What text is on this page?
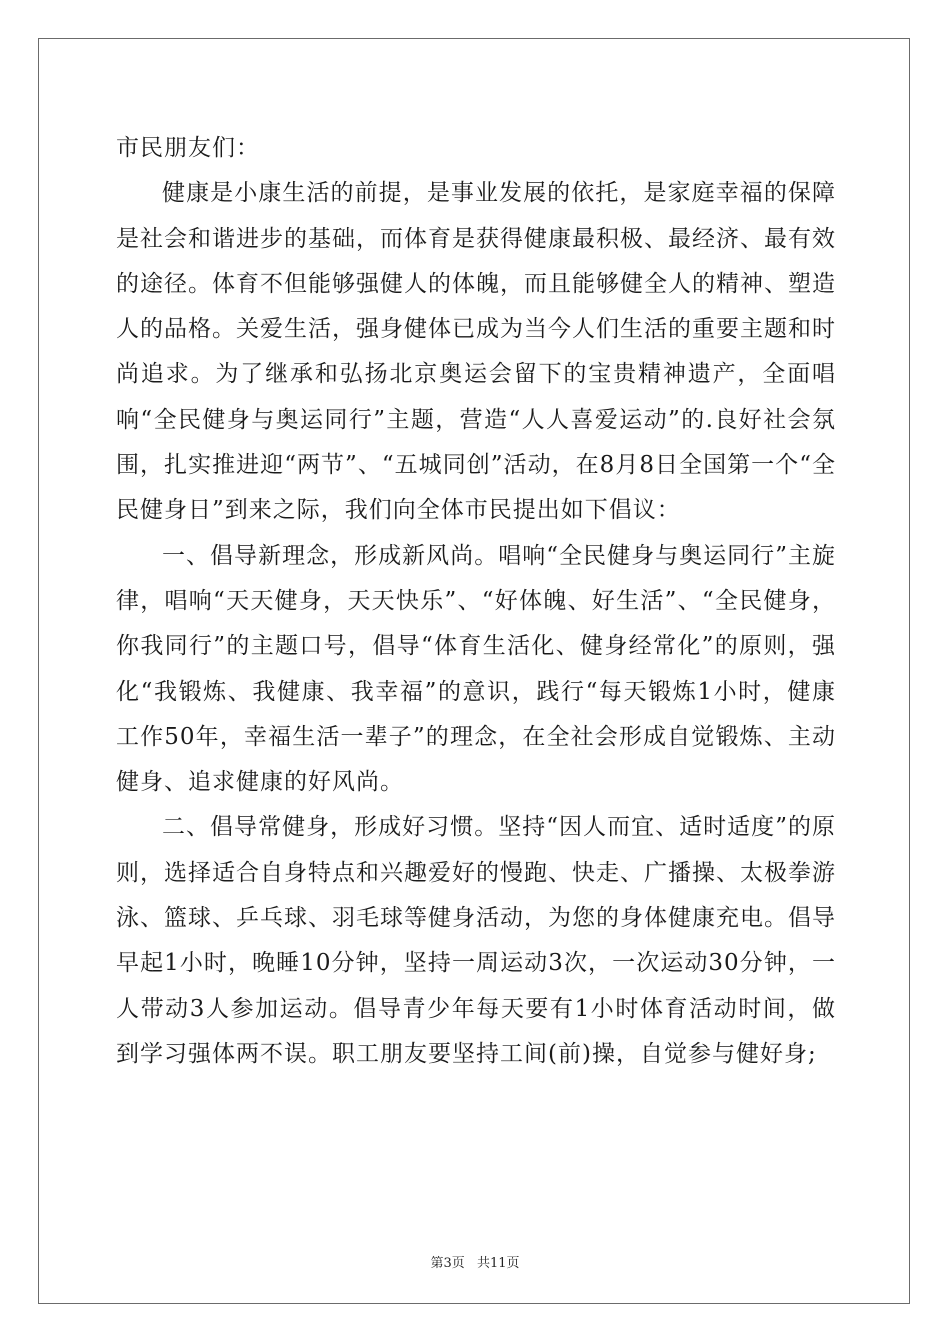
市民朋友们：

健康是小康生活的前提，是事业发展的依托，是家庭幸福的保障是社会和谐进步的基础，而体育是获得健康最积极、最经济、最有效的途径。体育不但能够强健人的体魄，而且能够健全人的精神、塑造人的品格。关爱生活，强身健体已成为当今人们生活的重要主题和时尚追求。为了继承和弘扬北京奥运会留下的宝贵精神遗产，全面唱响“全民健身与奥运同行”主题，营造“人人喜爱运动”的.良好社会氛围，扎实推进迎“两节”、“五城同创”活动，在8月8日全国第一个“全民健身日”到来之际，我们向全体市民提出如下倡议：

一、倡导新理念，形成新风尚。唱响“全民健身与奥运同行”主旋律，唱响“天天健身，天天快乐”、“好体魄、好生活”、“全民健身，你我同行”的主题口号，倡导“体育生活化、健身经常化”的原则，强化“我锻炼、我健康、我幸福”的意识，践行“每天锻炼1小时，健康工作50年，幸福生活一辈子”的理念，在全社会形成自觉锻炼、主动健身、追求健康的好风尚。

二、倡导常健身，形成好习惯。坚持“因人而宜、适时适度”的原则，选择适合自身特点和兴趣爱好的慢跑、快走、广播操、太极拳游泳、篮球、乒乓球、羽毛球等健身活动，为您的身体健康充电。倡导早起1小时，晚睡10分钟，坚持一周运动3次，一次运动30分钟，一人带动3人参加运动。倡导青少年每天要有1小时体育活动时间，做到学习强体两不误。职工朋友要坚持工间(前)操，自觉参与健好身;

第3页 共11页
